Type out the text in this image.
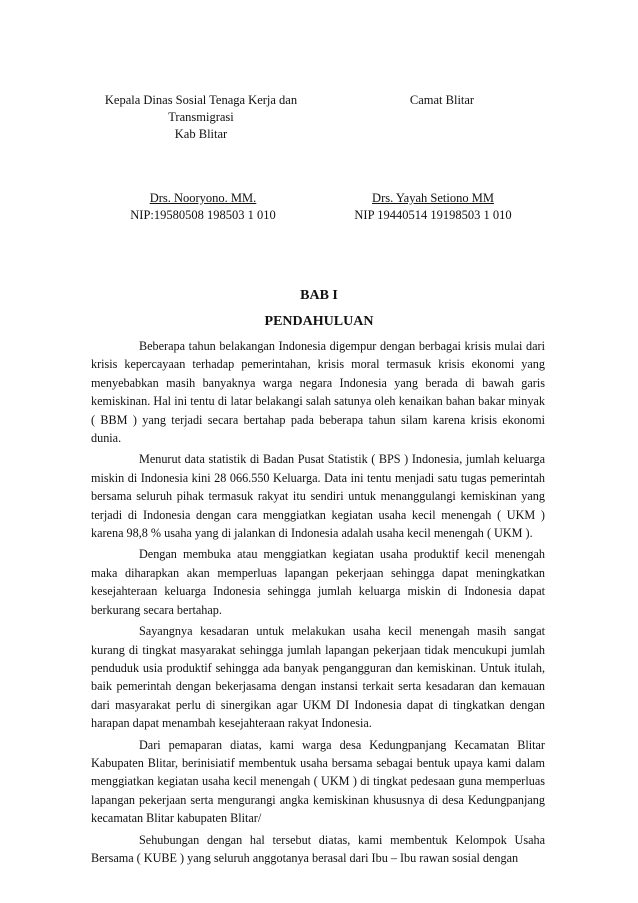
Kepala Dinas Sosial Tenaga Kerja dan
Transmigrasi
Kab Blitar
Camat Blitar
Drs. Nooryono. MM.
NIP:19580508 198503 1 010
Drs. Yayah Setiono MM
NIP 19440514 19198503 1 010
BAB I
PENDAHULUAN

Beberapa tahun belakangan Indonesia digempur dengan berbagai krisis mulai dari krisis kepercayaan terhadap pemerintahan, krisis moral termasuk krisis ekonomi yang menyebabkan masih banyaknya warga negara Indonesia yang berada di bawah garis kemiskinan. Hal ini tentu di latar belakangi salah satunya oleh kenaikan bahan bakar minyak ( BBM ) yang terjadi secara bertahap pada beberapa tahun silam karena krisis ekonomi dunia.

Menurut data statistik di Badan Pusat Statistik ( BPS ) Indonesia, jumlah keluarga miskin di Indonesia kini 28 066.550 Keluarga. Data ini tentu menjadi satu tugas pemerintah bersama seluruh pihak termasuk rakyat itu sendiri untuk menanggulangi kemiskinan yang terjadi di Indonesia dengan cara menggiatkan kegiatan usaha kecil menengah ( UKM ) karena 98,8 % usaha yang di jalankan di Indonesia adalah usaha kecil menengah ( UKM ).

Dengan membuka atau menggiatkan kegiatan usaha produktif kecil menengah maka diharapkan akan memperluas lapangan pekerjaan sehingga dapat meningkatkan kesejahteraan keluarga Indonesia sehingga jumlah keluarga miskin di Indonesia dapat berkurang secara bertahap.

Sayangnya kesadaran untuk melakukan usaha kecil menengah masih sangat kurang di tingkat masyarakat sehingga jumlah lapangan pekerjaan tidak mencukupi jumlah penduduk usia produktif sehingga ada banyak pengangguran dan kemiskinan. Untuk itulah, baik pemerintah dengan bekerjasama dengan instansi terkait serta kesadaran dan kemauan dari masyarakat perlu di sinergikan agar UKM DI Indonesia dapat di tingkatkan dengan harapan dapat menambah kesejahteraan rakyat Indonesia.

Dari pemaparan diatas, kami warga desa Kedungpanjang Kecamatan Blitar Kabupaten Blitar, berinisiatif membentuk usaha bersama sebagai bentuk upaya kami dalam menggiatkan kegiatan usaha kecil menengah ( UKM ) di tingkat pedesaan guna memperluas lapangan pekerjaan serta mengurangi angka kemiskinan khususnya di desa Kedungpanjang kecamatan Blitar kabupaten Blitar/

Sehubungan dengan hal tersebut diatas, kami membentuk Kelompok Usaha Bersama ( KUBE ) yang seluruh anggotanya berasal dari Ibu – Ibu rawan sosial dengan
